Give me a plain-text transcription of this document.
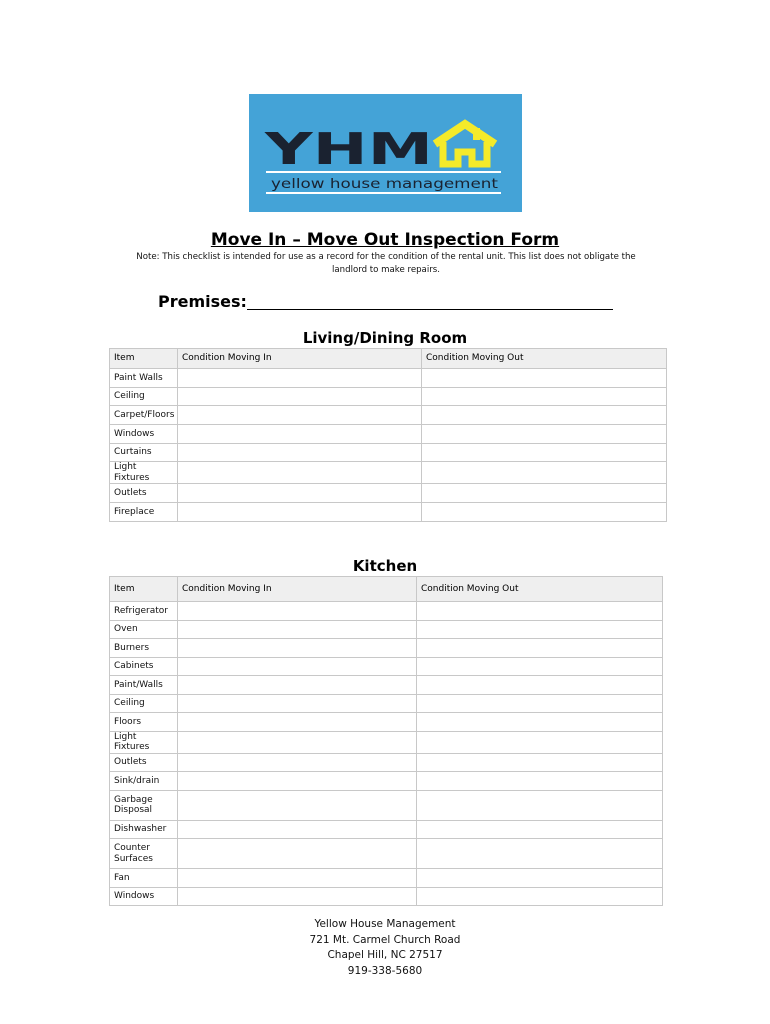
YHM
yellow house management
Move In – Move Out Inspection Form
Note: This checklist is intended for use as a record for the condition of the rental unit. This list does not obligate the landlord to make repairs.
Premises:
Living/Dining Room
Item	Condition Moving In	Condition Moving Out
Paint Walls		
Ceiling		
Carpet/Floors		
Windows		
Curtains		
Light Fixtures		
Outlets		
Fireplace		
Kitchen
Item	Condition Moving In	Condition Moving Out
Refrigerator		
Oven		
Burners		
Cabinets		
Paint/Walls		
Ceiling		
Floors		
Light Fixtures		
Outlets		
Sink/drain		
Garbage Disposal		
Dishwasher		
Counter Surfaces		
Fan		
Windows		
Yellow House Management
721 Mt. Carmel Church Road
Chapel Hill, NC 27517
919-338-5680
